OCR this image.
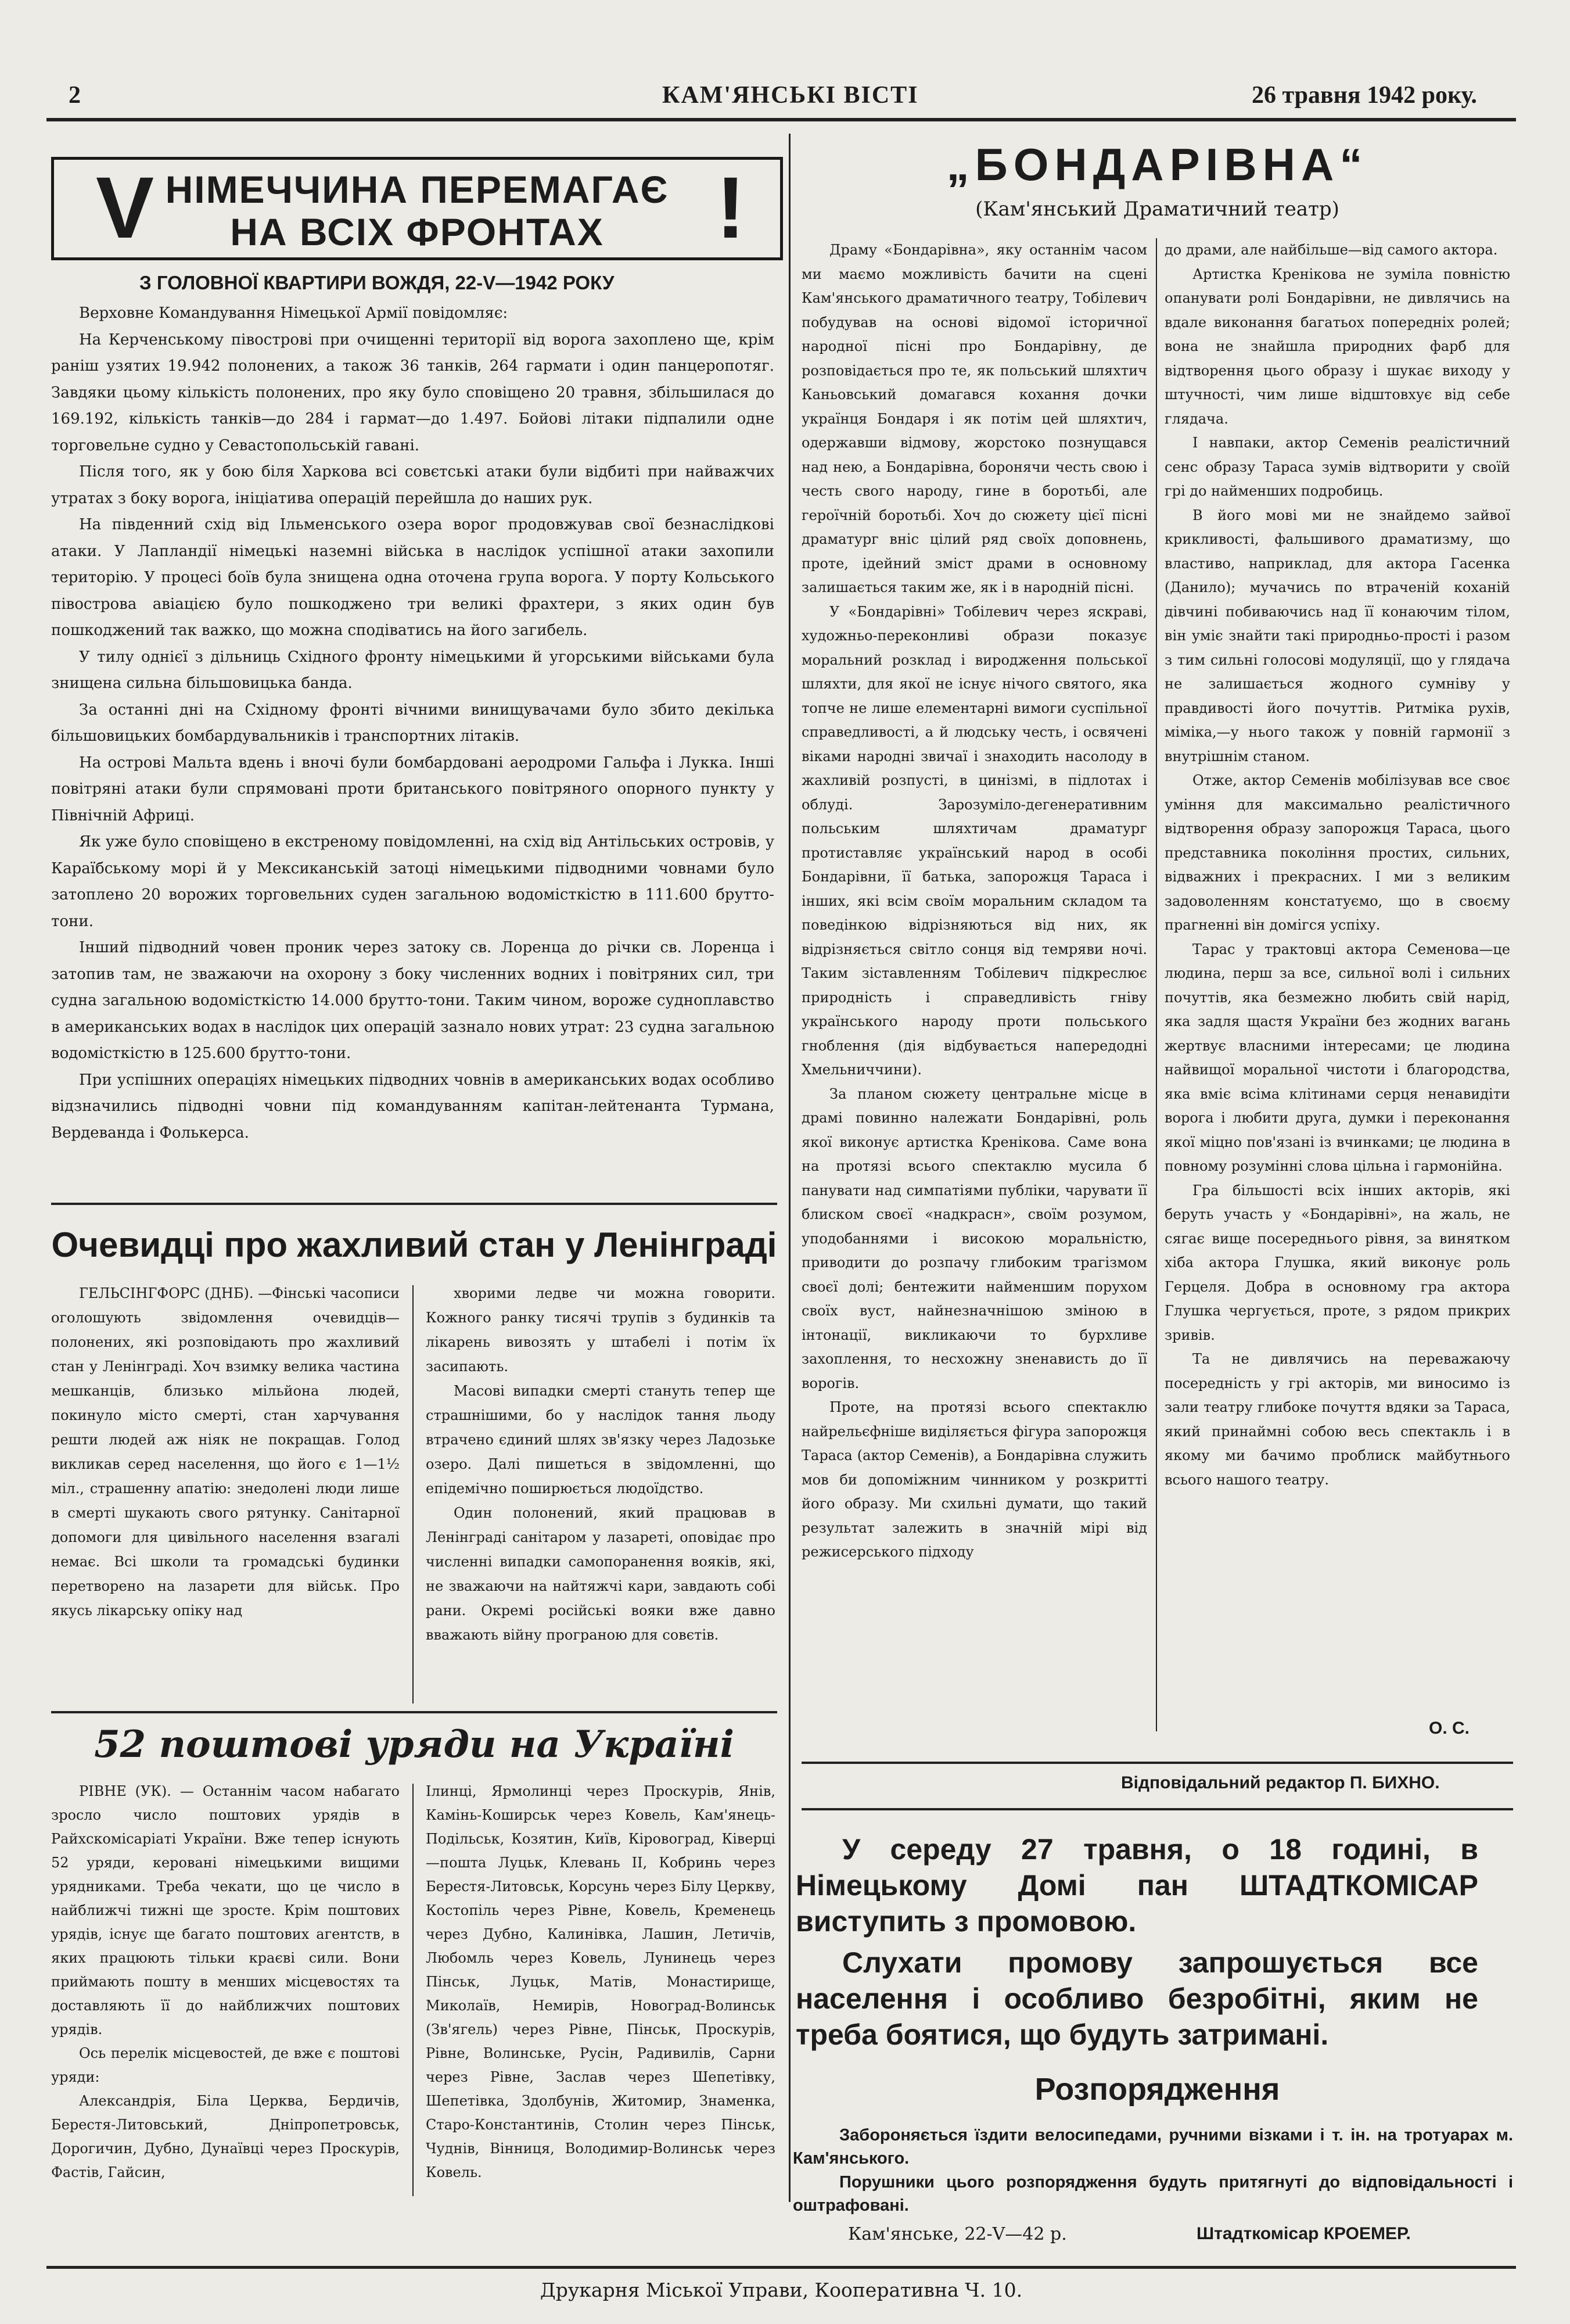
2	КАМ'ЯНСЬКІ ВІСТІ	26 травня 1942 року.
V НІМЕЧЧИНА ПЕРЕМАГАЄ
НА ВСІХ ФРОНТАХ	!
З ГОЛОВНОЇ КВАРТИРИ ВОЖДЯ, 22-V—1942 РОКУ

Верховне Командування Німецької Армії повідомляє:

На Керченському півострові при очищенні території від ворога захоплено ще, крім раніш узятих 19.942 полонених, а також 36 танків, 264 гармати і один панцеропотяг. Завдяки цьому кількість полонених, про яку було сповіщено 20 травня, збільшилася до 169.192, кількість танків—до 284 і гармат—до 1.497. Бойові літаки підпалили одне торговельне судно у Севастопольській гавані.

Після того, як у бою біля Харкова всі совєтські атаки були відбиті при найважчих утратах з боку ворога, ініціатива операцій перейшла до наших рук.

На південний схід від Ільменського озера ворог продовжував свої безнаслідкові атаки. У Лапландії німецькі наземні війська в наслідок успішної атаки захопили територію. У процесі боїв була знищена одна оточена група ворога. У порту Кольського півострова авіацією було пошкоджено три великі фрахтери, з яких один був пошкоджений так важко, що можна сподіватись на його загибель.

У тилу однієї з дільниць Східного фронту німецькими й угорськими військами була знищена сильна більшовицька банда.

За останні дні на Східному фронті вічними винищувачами було збито декілька більшовицьких бомбардувальників і транспортних літаків.

На острові Мальта вдень і вночі були бомбардовані аеродроми Гальфа і Лукка. Інші повітряні атаки були спрямовані проти британського повітряного опорного пункту у Північній Африці.

Як уже було сповіщено в екстреному повідомленні, на схід від Антільських островів, у Караїбському морі й у Мексиканській затоці німецькими підводними човнами було затоплено 20 ворожих торговельних суден загальною водомісткістю в 111.600 брутто-тони.

Інший підводний човен проник через затоку св. Лоренца до річки св. Лоренца і затопив там, не зважаючи на охорону з боку численних водних і повітряних сил, три судна загальною водомісткістю 14.000 брутто-тони. Таким чином, вороже судноплавство в американських водах в наслідок цих операцій зазнало нових утрат: 23 судна загальною водомісткістю в 125.600 брутто-тони.

При успішних операціях німецьких підводних човнів в американських водах особливо відзначились підводні човни під командуванням капітан-лейтенанта Турмана, Вердеванда і Фолькерса.

Очевидці про жахливий стан у Ленінграді

ГЕЛЬСІНГФОРС (ДНБ). —Фінські часописи оголошують звідомлення очевидців—полонених, які розповідають про жахливий стан у Ленінграді. Хоч взимку велика частина мешканців, близько мільйона людей, покинуло місто смерті, стан харчування решти людей аж ніяк не покращав. Голод викликав серед населення, що його є 1—1½ міл., страшенну апатію: знедолені люди лише в смерті шукають свого рятунку. Санітарної допомоги для цивільного населення взагалі немає. Всі школи та громадські будинки перетворено на лазарети для військ. Про якусь лікарську опіку над

хворими ледве чи можна говорити. Кожного ранку тисячі трупів з будинків та лікарень вивозять у штабелі і потім їх засипають.

Масові випадки смерті стануть тепер ще страшнішими, бо у наслідок тання льоду втрачено єдиний шлях зв'язку через Ладозьке озеро. Далі пишеться в звідомленні, що епідемічно поширюється людоїдство.

Один полонений, який працював в Ленінграді санітаром у лазареті, оповідає про численні випадки самопоранення вояків, які, не зважаючи на найтяжчі кари, завдають собі рани. Окремі російські вояки вже давно вважають війну програною для совєтів.

52 поштові уряди на Україні

РІВНЕ (УК). — Останнім часом набагато зросло число поштових урядів в Райхскомісаріаті України. Вже тепер існують 52 уряди, керовані німецькими вищими урядниками. Треба чекати, що це число в найближчі тижні ще зросте. Крім поштових урядів, існує ще багато поштових агентств, в яких працюють тільки краєві сили. Вони приймають пошту в менших місцевостях та доставляють її до найближчих поштових урядів.

Ось перелік місцевостей, де вже є поштові уряди:

Александрія, Біла Церква, Бердичів, Берестя-Литовський, Дніпропетровськ, Дорогичин, Дубно, Дунаївці через Проскурів, Фастів, Гайсин,

Ілинці, Ярмолинці через Проскурів, Янів, Камінь-Коширськ через Ковель, Кам'янець-Подільськ, Козятин, Київ, Кіровоград, Ківерці—пошта Луцьк, Клевань II, Кобринь через Берестя-Литовськ, Корсунь через Білу Церкву, Костопіль через Рівне, Ковель, Кременець через Дубно, Калинівка, Лашин, Летичів, Любомль через Ковель, Лунинець через Пінськ, Луцьк, Матів, Монастирище, Миколаїв, Немирів, Новоград-Волинськ (Зв'ягель) через Рівне, Пінськ, Проскурів, Рівне, Волинське, Русін, Радивилів, Сарни через Рівне, Заслав через Шепетівку, Шепетівка, Здолбунів, Житомир, Знаменка, Старо-Константинів, Столин через Пінськ, Чуднів, Вінниця, Володимир-Волинськ через Ковель.

„БОНДАРІВНА“
(Кам'янський Драматичний театр)

Драму «Бондарівна», яку останнім часом ми маємо можливість бачити на сцені Кам'янського драматичного театру, Тобілевич побудував на основі відомої історичної народної пісні про Бондарівну, де розповідається про те, як польський шляхтич Каньовський домагався кохання дочки українця Бондаря і як потім цей шляхтич, одержавши відмову, жорстоко познущався над нею, а Бондарівна, боронячи честь свою і честь свого народу, гине в боротьбі, але героїчній боротьбі. Хоч до сюжету цієї пісні драматург вніс цілий ряд своїх доповнень, проте, ідейний зміст драми в основному залишається таким же, як і в народній пісні.

У «Бондарівні» Тобілевич через яскраві, художньо-переконливі образи показує моральний розклад і виродження польської шляхти, для якої не існує нічого святого, яка топче не лише елементарні вимоги суспільної справедливості, а й людську честь, і освячені віками народні звичаї і знаходить насолоду в жахливій розпусті, в цинізмі, в підлотах і облуді. Зарозуміло-дегенеративним польським шляхтичам драматург протиставляє український народ в особі Бондарівни, її батька, запорожця Тараса і інших, які всім своїм моральним складом та поведінкою відрізняються від них, як відрізняється світло сонця від темряви ночі. Таким зіставленням Тобілевич підкреслює природність і справедливість гніву українського народу проти польського гноблення (дія відбувається напередодні Хмельниччини).

За планом сюжету центральне місце в драмі повинно належати Бондарівні, роль якої виконує артистка Кренікова. Саме вона на протязі всього спектаклю мусила б панувати над симпатіями публіки, чарувати її блиском своєї «надкрасн», своїм розумом, уподобаннями і високою моральністю, приводити до розпачу глибоким трагізмом своєї долі; бентежити найменшим порухом своїх вуст, найнезначнішою зміною в інтонації, викликаючи то бурхливе захоплення, то несхожну зненависть до її ворогів.

Проте, на протязі всього спектаклю найрельєфніше виділяється фігура запорожця Тараса (актор Семенів), а Бондарівна служить мов би допоміжним чинником у розкритті його образу. Ми схильні думати, що такий результат залежить в значній мірі від режисерського підходу

до драми, але найбільше—від самого актора.

Артистка Кренікова не зуміла повністю опанувати ролі Бондарівни, не дивлячись на вдале виконання багатьох попередніх ролей; вона не знайшла природних фарб для відтворення цього образу і шукає виходу у штучності, чим лише відштовхує від себе глядача.

І навпаки, актор Семенів реалістичний сенс образу Тараса зумів відтворити у своїй грі до найменших подробиць.

В його мові ми не знайдемо зайвої крикливості, фальшивого драматизму, що властиво, наприклад, для актора Гасенка (Данило); мучачись по втраченій коханій дівчині побиваючись над її конаючим тілом, він уміє знайти такі природньо-прості і разом з тим сильні голосові модуляції, що у глядача не залишається жодного сумніву у правдивості його почуттів. Ритміка рухів, міміка,—у нього також у повній гармонії з внутрішнім станом.

Отже, актор Семенів мобілізував все своє уміння для максимально реалістичного відтворення образу запорожця Тараса, цього представника покоління простих, сильних, відважних і прекрасних. І ми з великим задоволенням констатуємо, що в своєму прагненні він домігся успіху.

Тарас у трактовці актора Семенова—це людина, перш за все, сильної волі і сильних почуттів, яка безмежно любить свій нарід, яка задля щастя України без жодних вагань жертвує власними інтересами; це людина найвищої моральної чистоти і благородства, яка вміє всіма клітинами серця ненавидіти ворога і любити друга, думки і переконання якої міцно пов'язані із вчинками; це людина в повному розумінні слова цільна і гармонійна.

Гра більшості всіх інших акторів, які беруть участь у «Бондарівні», на жаль, не сягає вище посереднього рівня, за винятком хіба актора Глушка, який виконує роль Герцеля. Добра в основному гра актора Глушка чергується, проте, з рядом прикрих зривів.

Та не дивлячись на переважаючу посередність у грі акторів, ми виносимо із зали театру глибоке почуття вдяки за Тараса, який принаймні собою весь спектакль і в якому ми бачимо проблиск майбутнього всього нашого театру.

О. С.
Відповідальний редактор П. БИХНО.
У середу 27 травня, о 18 годині, в Німецькому Домі пан ШТАДТКОМІСАР виступить з промовою.
Слухати промову запрошується все населення і особливо безробітні, яким не треба боятися, що будуть затримані.
Розпорядження
Забороняється їздити велосипедами, ручними візками і т. ін. на тротуарах м. Кам'янського.
Порушники цього розпорядження будуть притягнуті до відповідальності і оштрафовані.
Кам'янське, 22-V—42 р.	Штадткомісар КРОЕМЕР.
Друкарня Міської Управи, Кооперативна Ч. 10.
